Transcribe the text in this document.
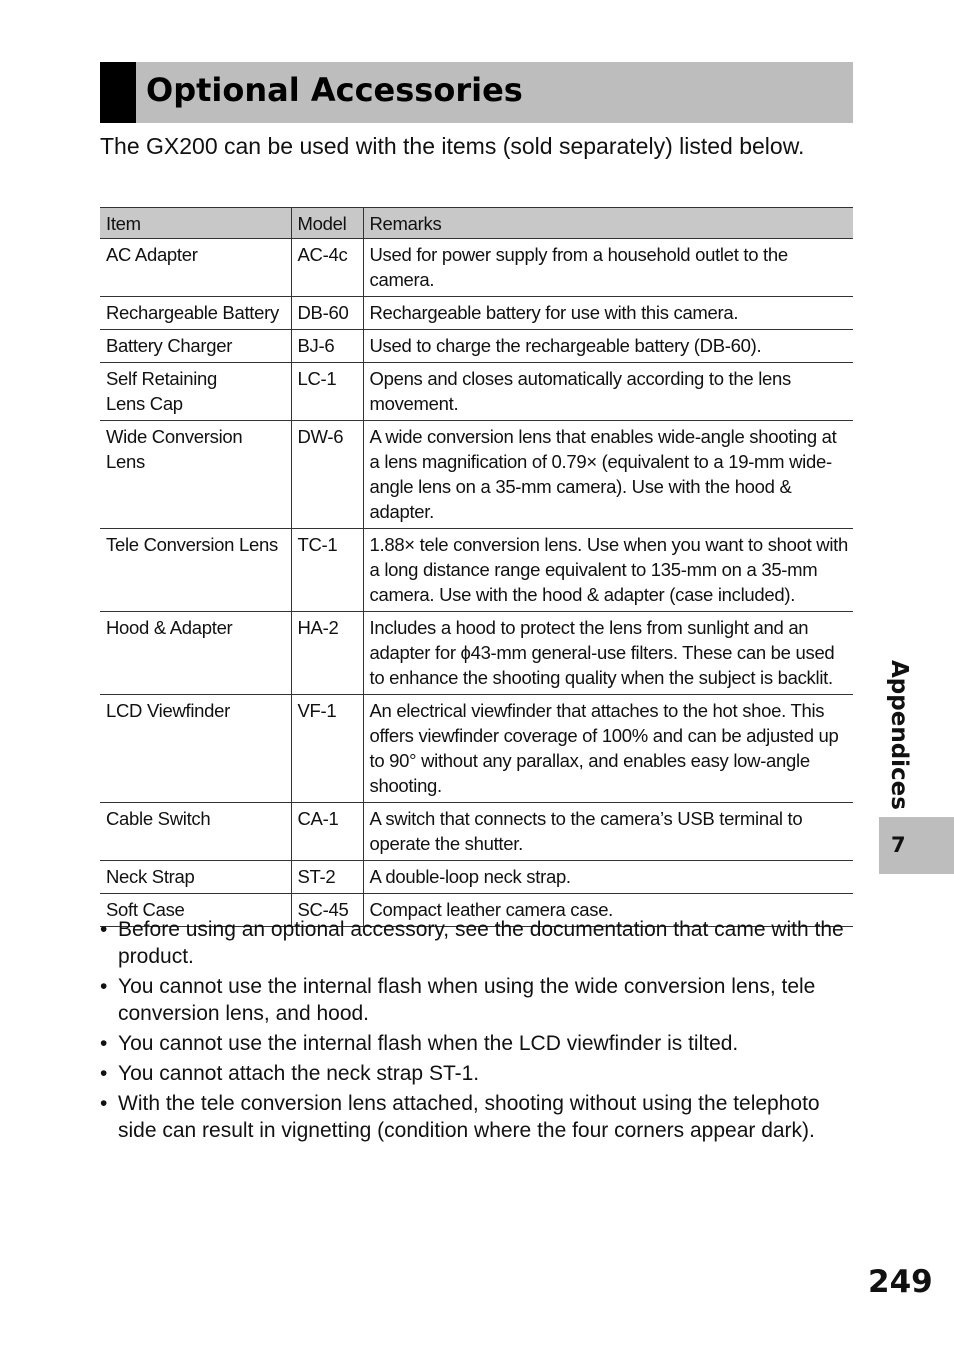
Optional Accessories
The GX200 can be used with the items (sold separately) listed below.
Item	Model	Remarks
AC Adapter	AC-4c	Used for power supply from a household outlet to the camera.
Rechargeable Battery	DB-60	Rechargeable battery for use with this camera.
Battery Charger	BJ-6	Used to charge the rechargeable battery (DB-60).
Self Retaining
Lens Cap	LC-1	Opens and closes automatically according to the lens movement.
Wide Conversion
Lens	DW-6	A wide conversion lens that enables wide-angle shooting at a lens magnification of 0.79× (equivalent to a 19-mm wide-angle lens on a 35-mm camera). Use with the hood & adapter.
Tele Conversion Lens	TC-1	1.88× tele conversion lens. Use when you want to shoot with a long distance range equivalent to 135-mm on a 35-mm camera. Use with the hood & adapter (case included).
Hood & Adapter	HA-2	Includes a hood to protect the lens from sunlight and an adapter for ϕ43-mm general-use filters. These can be used to enhance the shooting quality when the subject is backlit.
LCD Viewfinder	VF-1	An electrical viewfinder that attaches to the hot shoe. This offers viewfinder coverage of 100% and can be adjusted up to 90° without any parallax, and enables easy low-angle shooting.
Cable Switch	CA-1	A switch that connects to the camera’s USB terminal to operate the shutter.
Neck Strap	ST-2	A double-loop neck strap.
Soft Case	SC-45	Compact leather camera case.
• Before using an optional accessory, see the documentation that came with the product.
• You cannot use the internal flash when using the wide conversion lens, tele conversion lens, and hood.
• You cannot use the internal flash when the LCD viewfinder is tilted.
• You cannot attach the neck strap ST-1.
• With the tele conversion lens attached, shooting without using the telephoto side can result in vignetting (condition where the four corners appear dark).
Appendices
7
249
